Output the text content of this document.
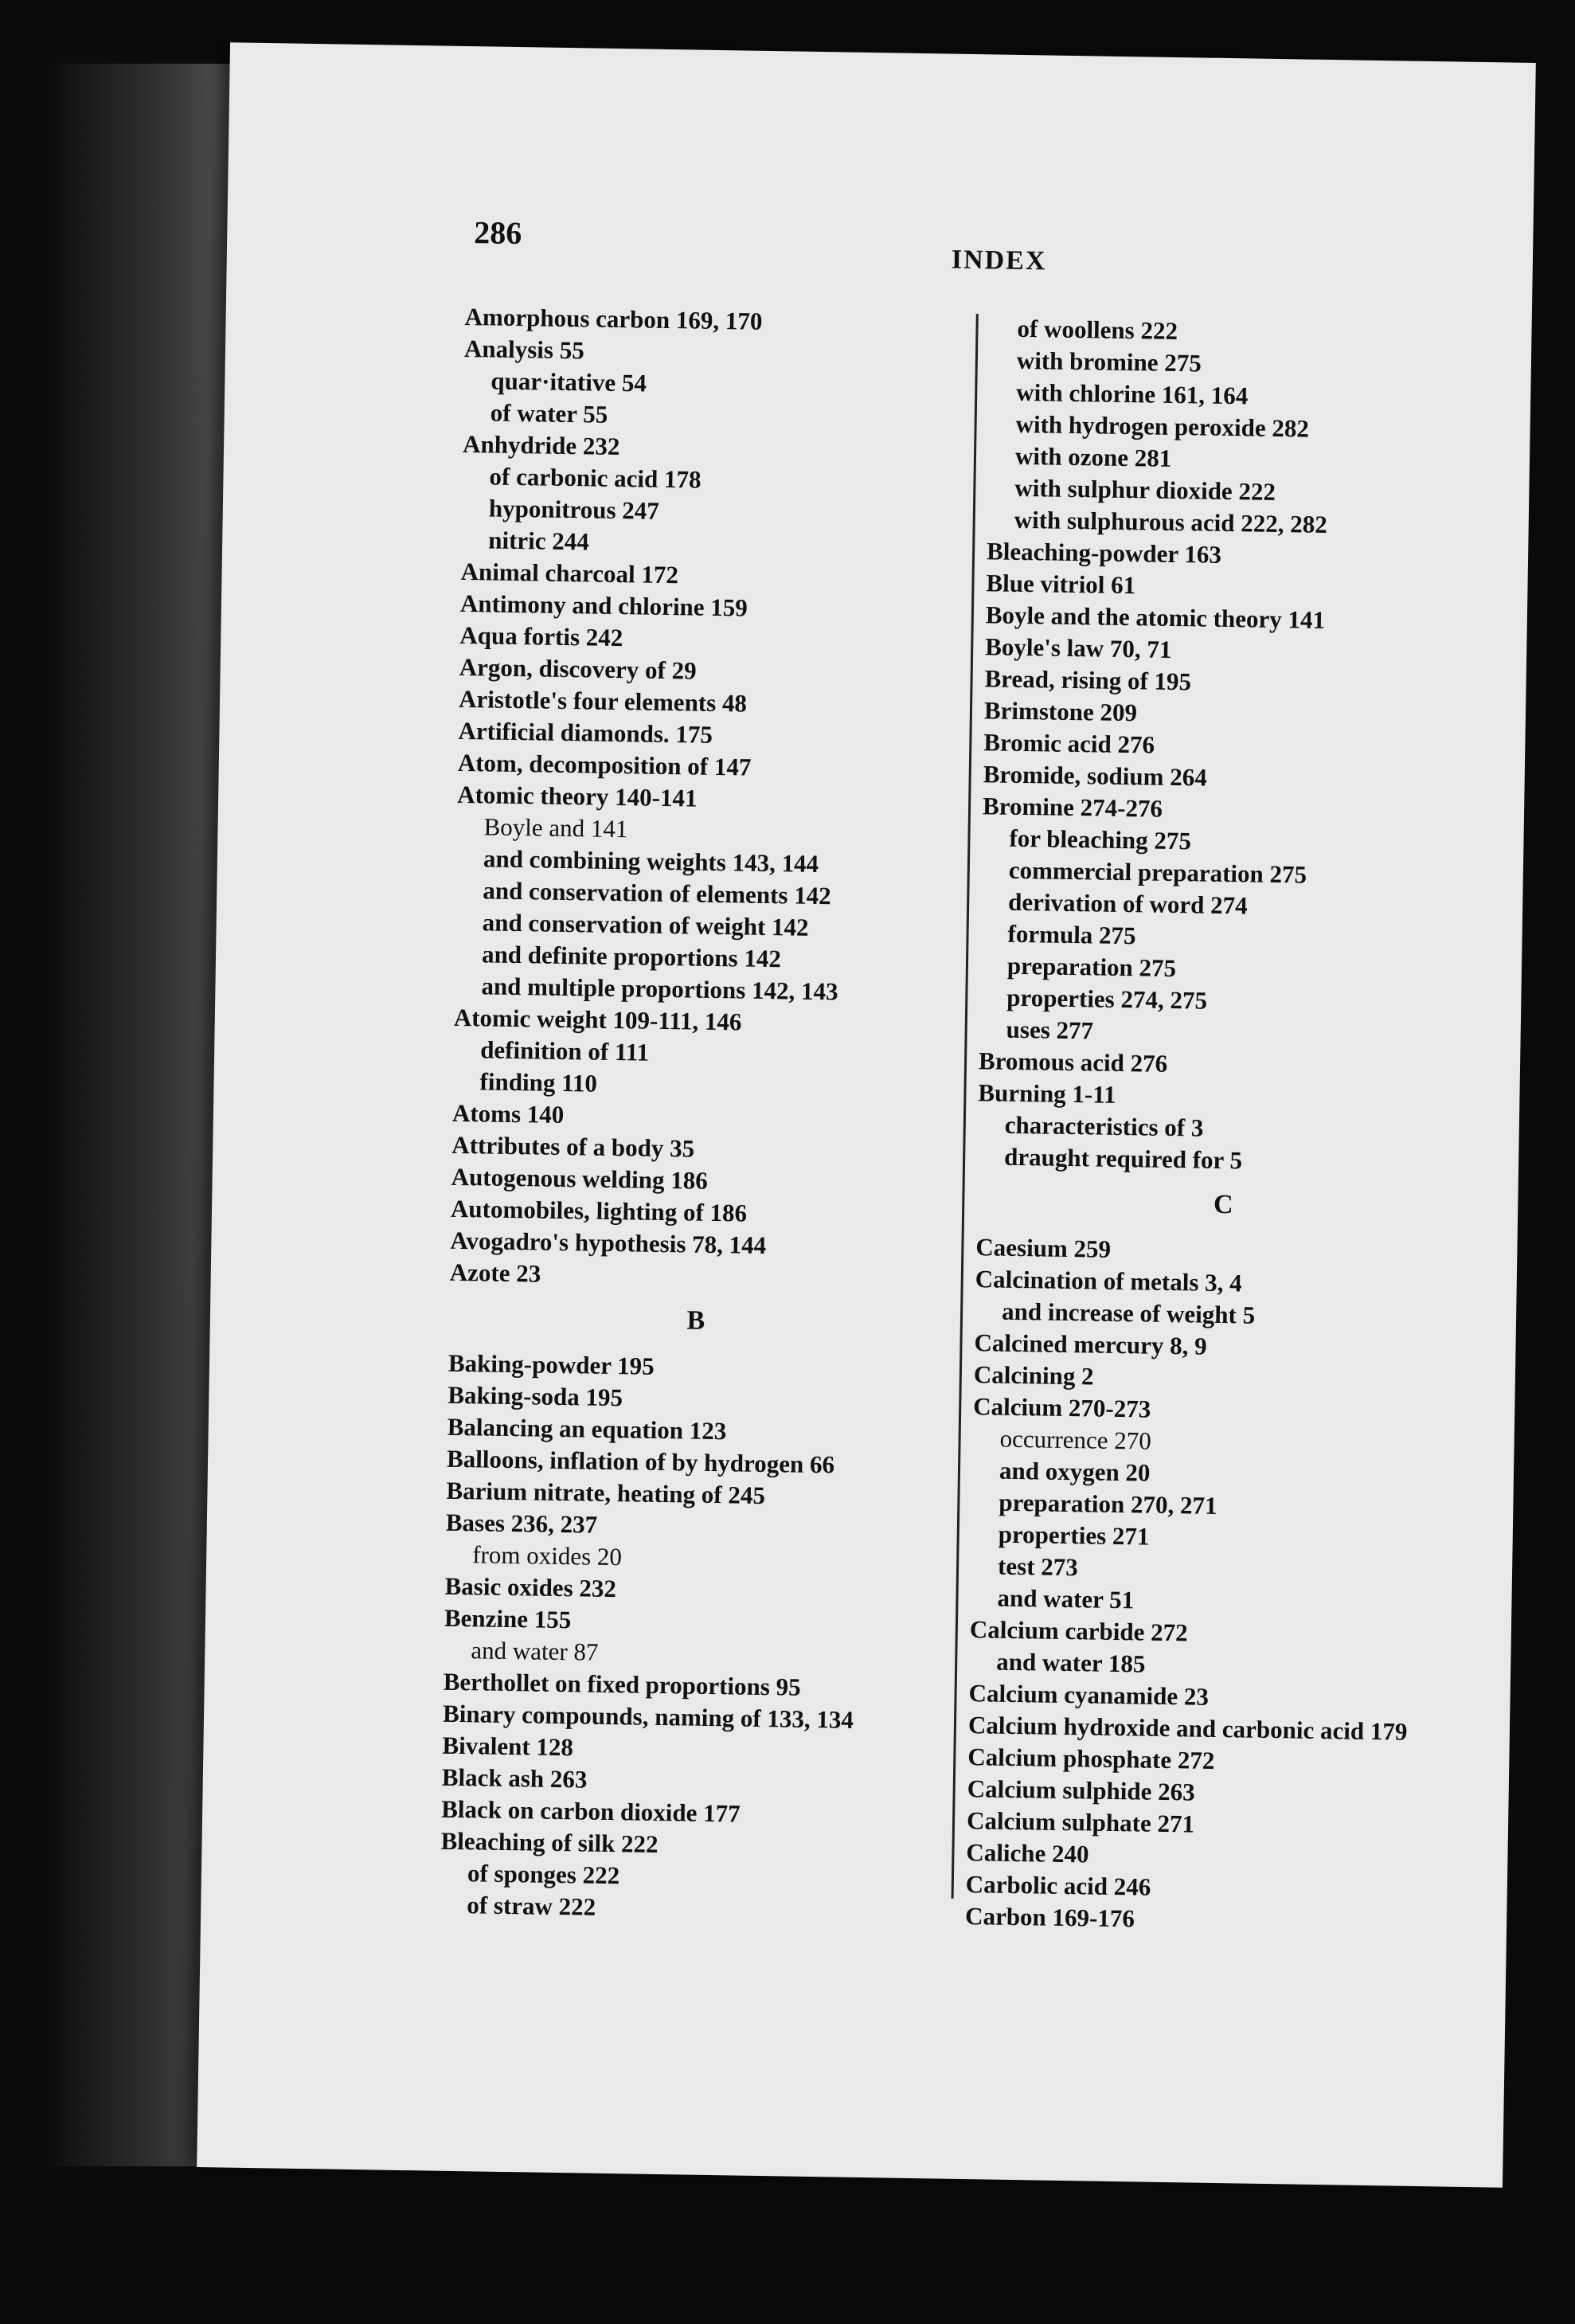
286
INDEX
Amorphous carbon 169, 170
Analysis 55
quar·itative 54
of water 55
Anhydride 232
of carbonic acid 178
hyponitrous 247
nitric 244
Animal charcoal 172
Antimony and chlorine 159
Aqua fortis 242
Argon, discovery of 29
Aristotle's four elements 48
Artificial diamonds. 175
Atom, decomposition of 147
Atomic theory 140-141
Boyle and 141
and combining weights 143, 144
and conservation of elements 142
and conservation of weight 142
and definite proportions 142
and multiple proportions 142, 143
Atomic weight 109-111, 146
definition of 111
finding 110
Atoms 140
Attributes of a body 35
Autogenous welding 186
Automobiles, lighting of 186
Avogadro's hypothesis 78, 144
Azote 23
B
Baking-powder 195
Baking-soda 195
Balancing an equation 123
Balloons, inflation of by hydrogen 66
Barium nitrate, heating of 245
Bases 236, 237
from oxides 20
Basic oxides 232
Benzine 155
and water 87
Berthollet on fixed proportions 95
Binary compounds, naming of 133, 134
Bivalent 128
Black ash 263
Black on carbon dioxide 177
Bleaching of silk 222
of sponges 222
of straw 222
of woollens 222
with bromine 275
with chlorine 161, 164
with hydrogen peroxide 282
with ozone 281
with sulphur dioxide 222
with sulphurous acid 222, 282
Bleaching-powder 163
Blue vitriol 61
Boyle and the atomic theory 141
Boyle's law 70, 71
Bread, rising of 195
Brimstone 209
Bromic acid 276
Bromide, sodium 264
Bromine 274-276
for bleaching 275
commercial preparation 275
derivation of word 274
formula 275
preparation 275
properties 274, 275
uses 277
Bromous acid 276
Burning 1-11
characteristics of 3
draught required for 5
C
Caesium 259
Calcination of metals 3, 4
and increase of weight 5
Calcined mercury 8, 9
Calcining 2
Calcium 270-273
occurrence 270
and oxygen 20
preparation 270, 271
properties 271
test 273
and water 51
Calcium carbide 272
and water 185
Calcium cyanamide 23
Calcium hydroxide and carbonic acid 179
Calcium phosphate 272
Calcium sulphide 263
Calcium sulphate 271
Caliche 240
Carbolic acid 246
Carbon 169-176
